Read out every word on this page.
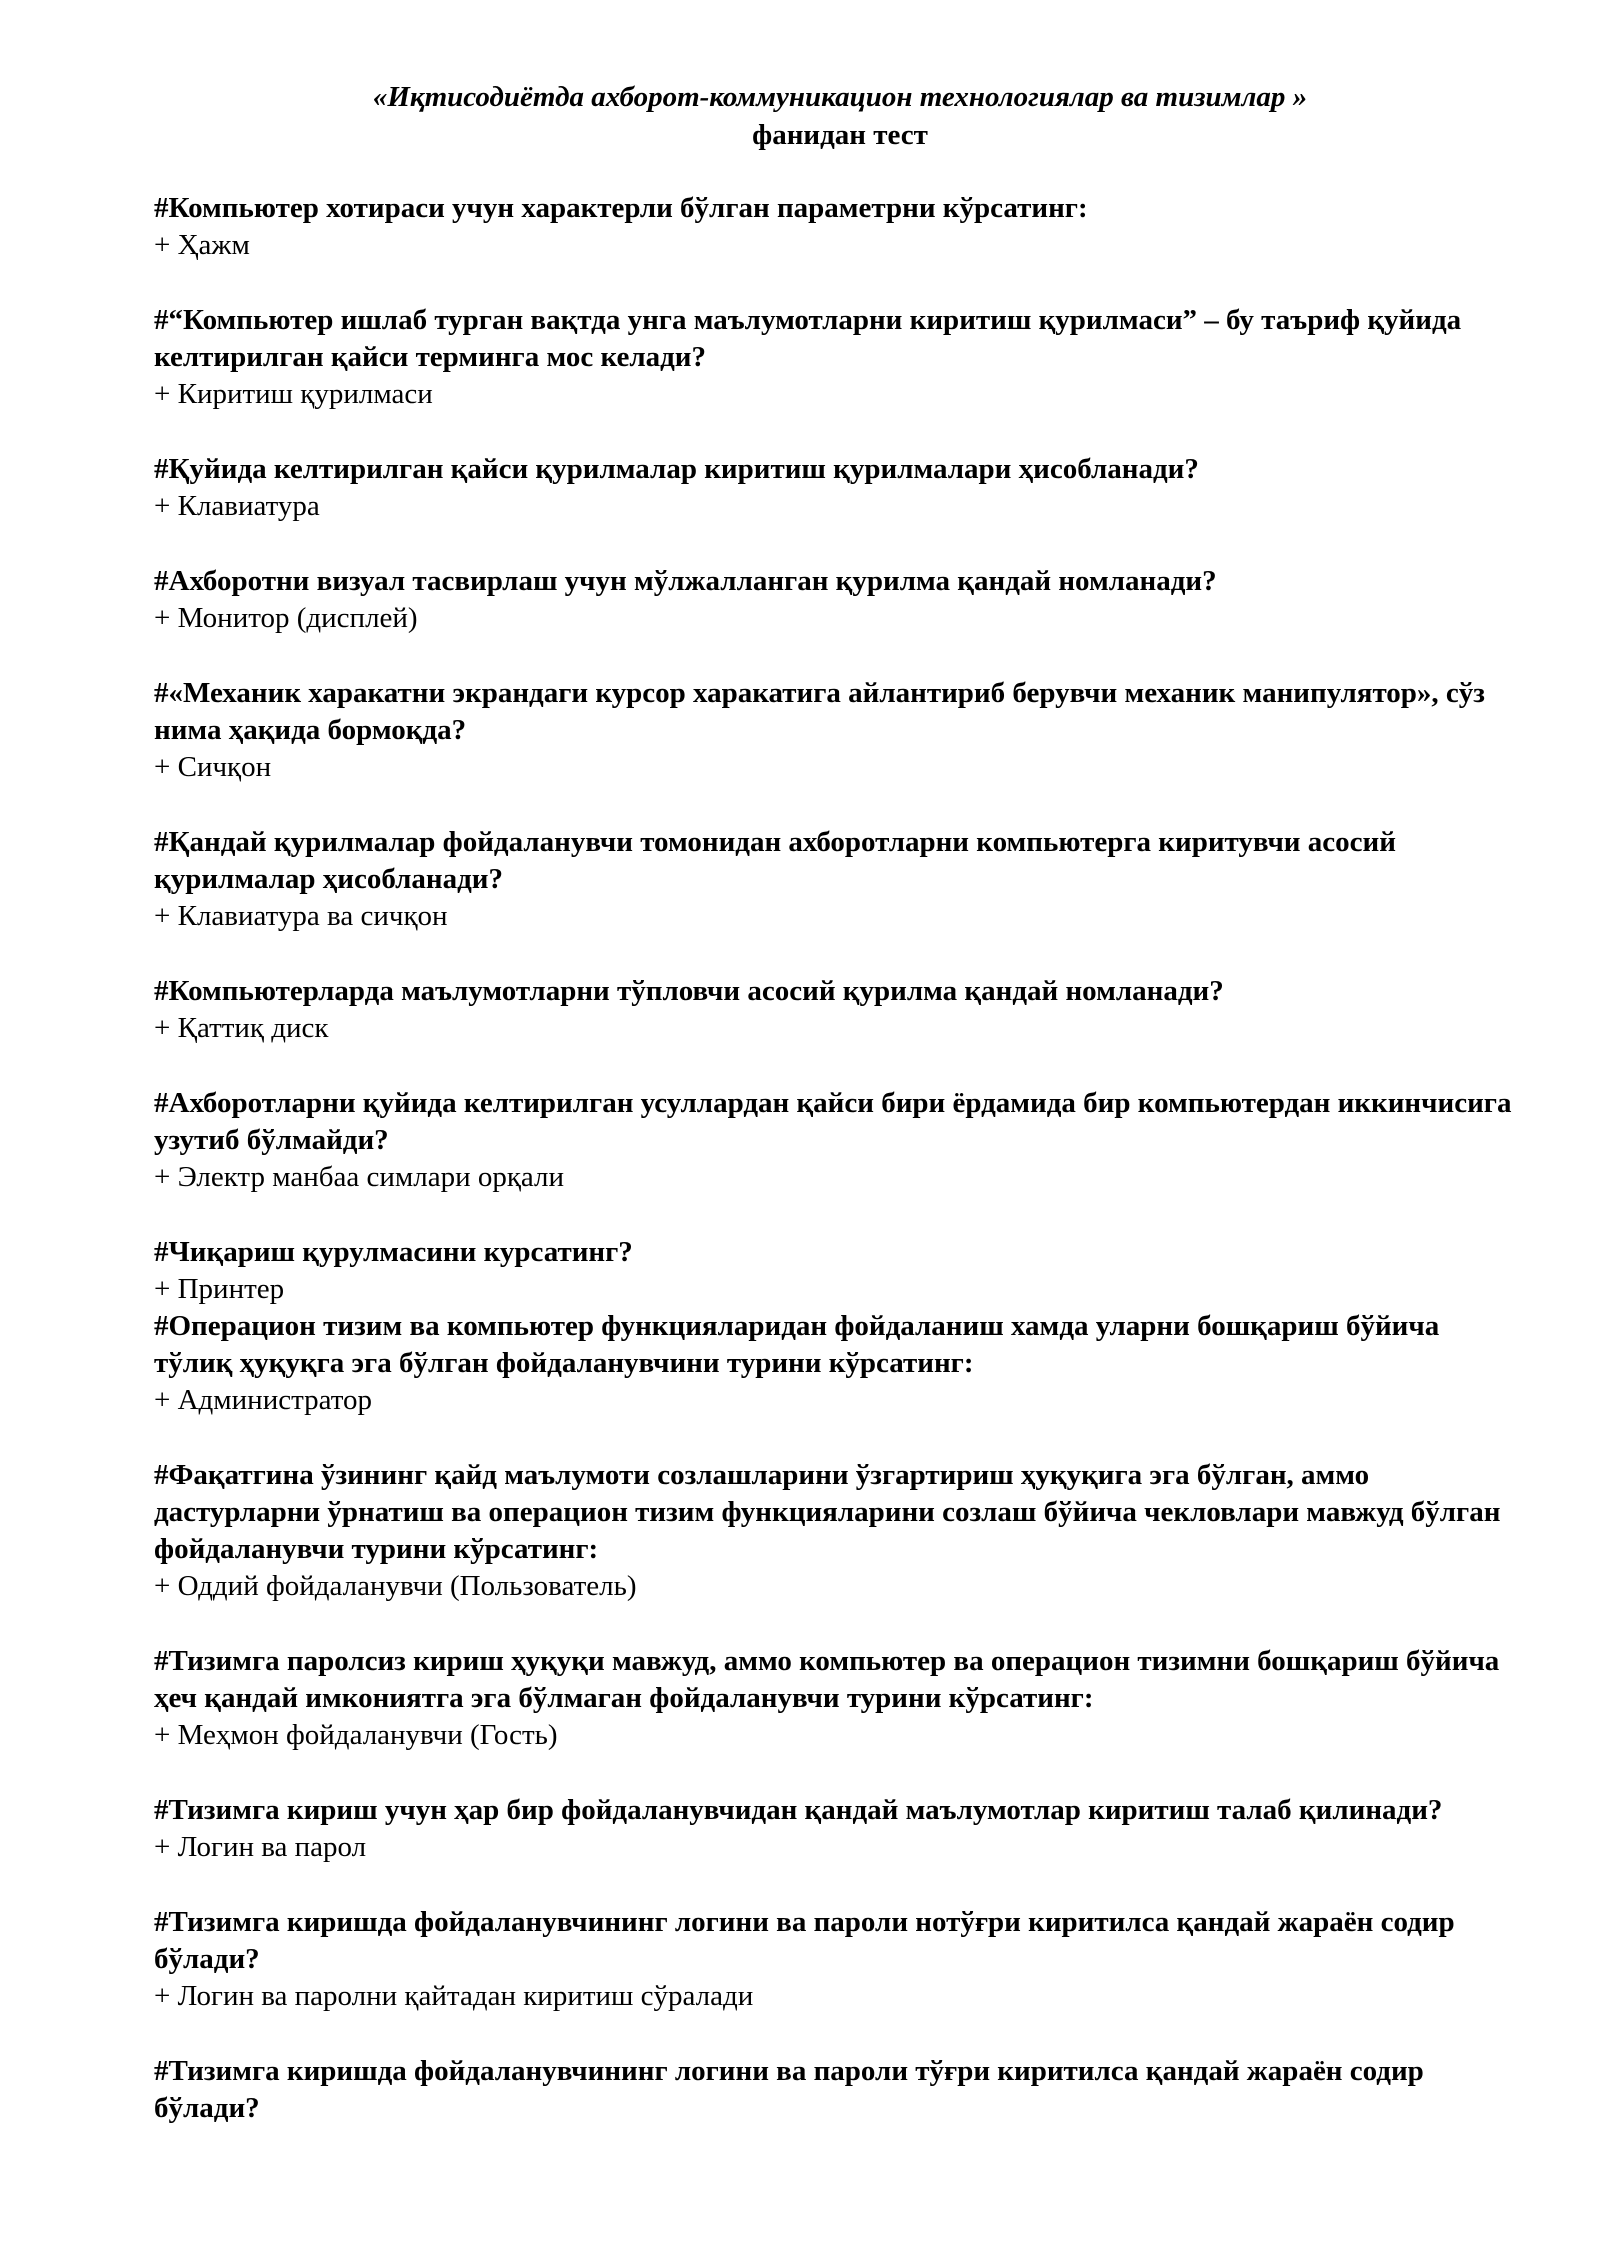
«Иқтисодиётда ахборот-коммуникацион технологиялар ва тизимлар »
фанидан тест

#Компьютер хотираси учун характерли бўлган параметрни кўрсатинг:

+ Ҳажм

#“Компьютер ишлаб турган вақтда унга маълумотларни киритиш қурилмаси” – бу таъриф қуйида келтирилган қайси терминга мос келади?

+ Киритиш қурилмаси

#Қуйида келтирилган қайси қурилмалар киритиш қурилмалари ҳисобланади?

+ Клавиатура

#Ахборотни визуал тасвирлаш учун мўлжалланган қурилма қандай номланади?

+ Монитор (дисплей)

#«Механик харакатни экрандаги курсор харакатига айлантириб берувчи механик манипулятор», сўз нима ҳақида бормоқда?

+ Сичқон

#Қандай қурилмалар фойдаланувчи томонидан ахборотларни компьютерга киритувчи асосий қурилмалар ҳисобланади?

+ Клавиатура ва сичқон

#Компьютерларда маълумотларни тўпловчи асосий қурилма қандай номланади?

+ Қаттиқ диск

#Ахборотларни қуйида келтирилган усуллардан қайси бири ёрдамида бир компьютердан иккинчисига узутиб бўлмайди?

+ Электр манбаа симлари орқали

#Чиқариш қурулмасини курсатинг?

+ Принтер

#Операцион тизим ва компьютер функцияларидан фойдаланиш хамда уларни бошқариш бўйича тўлиқ ҳуқуқга эга бўлган фойдаланувчини турини кўрсатинг:

+ Администратор

#Фақатгина ўзининг қайд маълумоти созлашларини ўзгартириш ҳуқуқига эга бўлган, аммо дастурларни ўрнатиш ва операцион тизим функцияларини созлаш бўйича чекловлари мавжуд бўлган фойдаланувчи турини кўрсатинг:

+ Оддий фойдаланувчи (Пользователь)

#Тизимга паролсиз кириш ҳуқуқи мавжуд, аммо компьютер ва операцион тизимни бошқариш бўйича ҳеч қандай имкониятга эга бўлмаган фойдаланувчи турини кўрсатинг:

+ Меҳмон фойдаланувчи (Гость)

#Тизимга кириш учун ҳар бир фойдаланувчидан қандай маълумотлар киритиш талаб қилинади?

+ Логин ва парол

#Тизимга киришда фойдаланувчининг логини ва пароли нотўғри киритилса қандай жараён содир бўлади?

+ Логин ва паролни қайтадан киритиш сўралади

#Тизимга киришда фойдаланувчининг логини ва пароли тўғри киритилса қандай жараён содир бўлади?
